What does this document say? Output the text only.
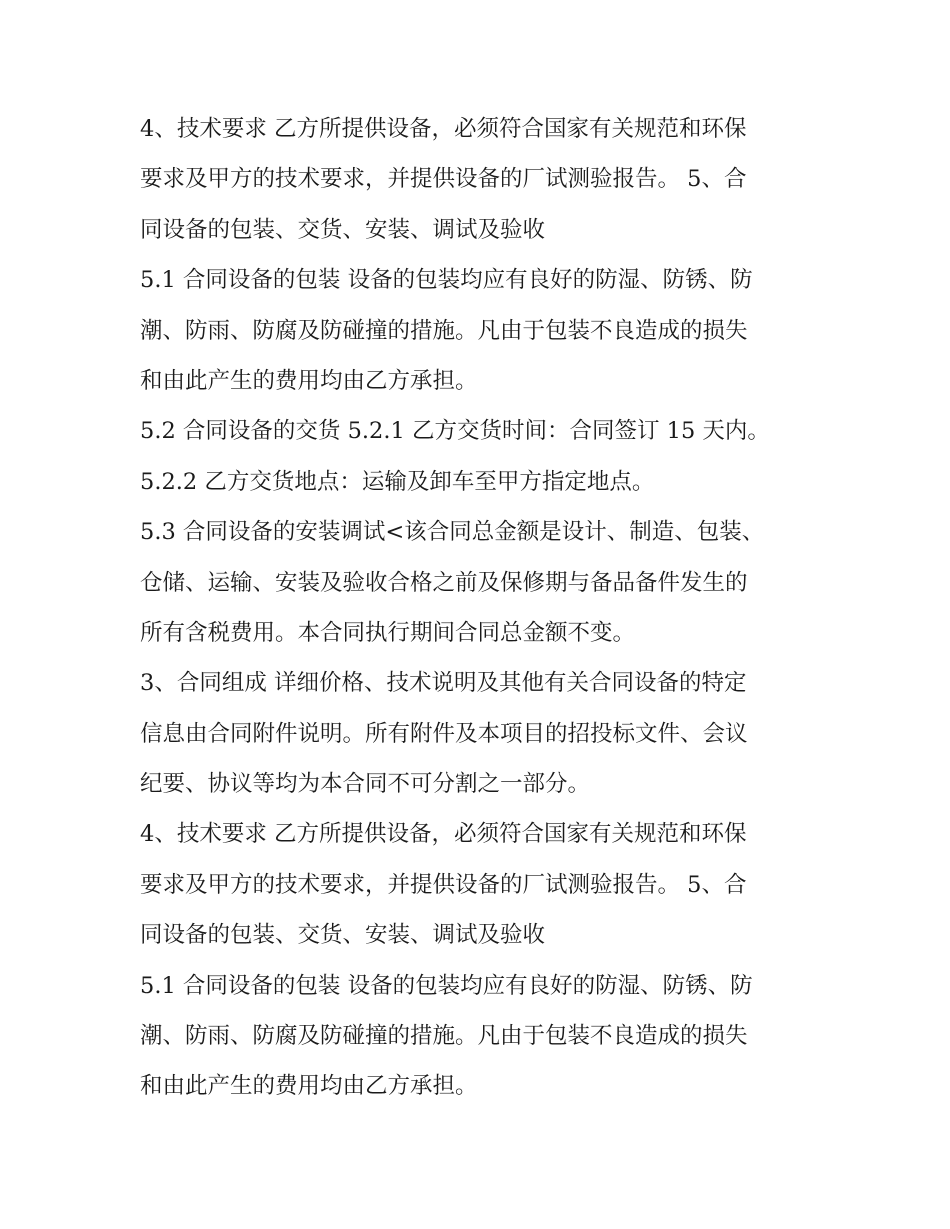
4、技术要求 乙方所提供设备，必须符合国家有关规范和环保
要求及甲方的技术要求，并提供设备的厂试测验报告。 5、合
同设备的包装、交货、安装、调试及验收
5.1 合同设备的包装 设备的包装均应有良好的防湿、防锈、防
潮、防雨、防腐及防碰撞的措施。凡由于包装不良造成的损失
和由此产生的费用均由乙方承担。
5.2 合同设备的交货 5.2.1 乙方交货时间：合同签订 15 天内。
5.2.2 乙方交货地点：运输及卸车至甲方指定地点。
5.3 合同设备的安装调试<该合同总金额是设计、制造、包装、
仓储、运输、安装及验收合格之前及保修期与备品备件发生的
所有含税费用。本合同执行期间合同总金额不变。
3、合同组成 详细价格、技术说明及其他有关合同设备的特定
信息由合同附件说明。所有附件及本项目的招投标文件、会议
纪要、协议等均为本合同不可分割之一部分。
4、技术要求 乙方所提供设备，必须符合国家有关规范和环保
要求及甲方的技术要求，并提供设备的厂试测验报告。 5、合
同设备的包装、交货、安装、调试及验收
5.1 合同设备的包装 设备的包装均应有良好的防湿、防锈、防
潮、防雨、防腐及防碰撞的措施。凡由于包装不良造成的损失
和由此产生的费用均由乙方承担。
